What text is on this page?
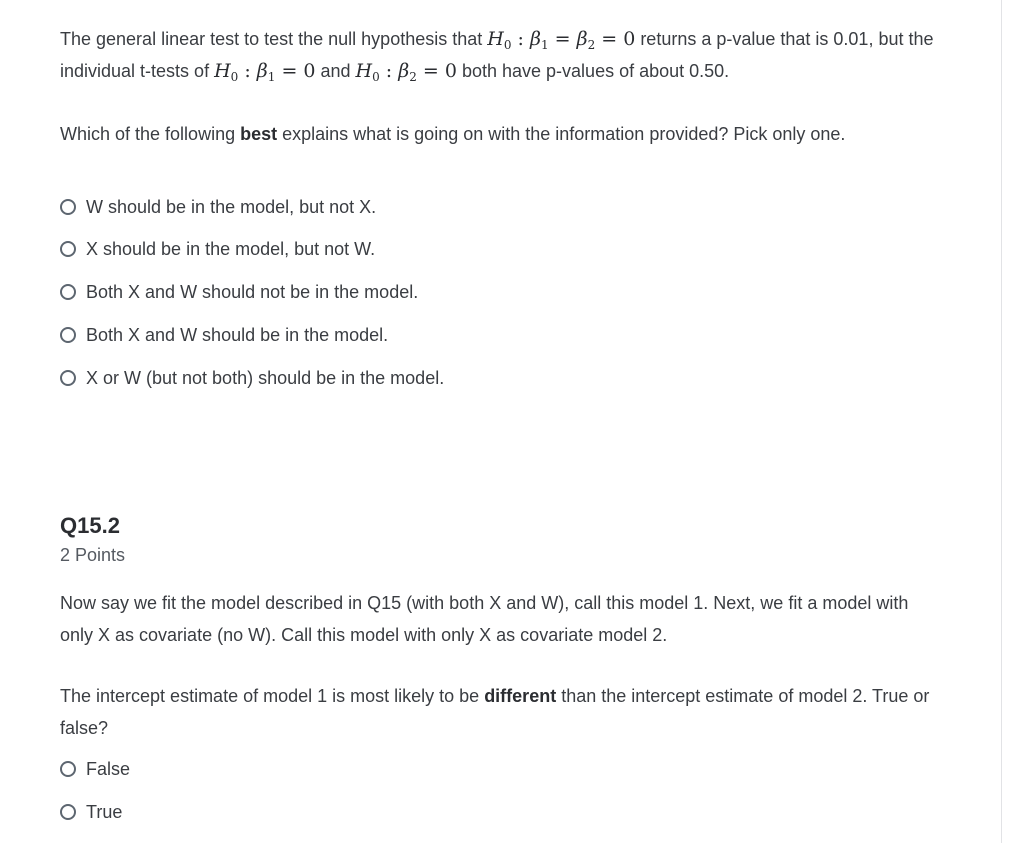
The general linear test to test the null hypothesis that $H_0$ : $\beta_1 = \beta_2 = 0$ returns a p-value that is 0.01, but the individual t-tests of $H_0$ : $\beta_1 = 0$ and $H_0$ : $\beta_2 = 0$ both have p-values of about 0.50.

Which of the following best explains what is going on with the information provided? Pick only one.

W should be in the model, but not X.
X should be in the model, but not W.
Both X and W should not be in the model.
Both X and W should be in the model.
X or W (but not both) should be in the model.
Q15.2
2 Points

Now say we fit the model described in Q15 (with both X and W), call this model 1. Next, we fit a model with only X as covariate (no W). Call this model with only X as covariate model 2.

The intercept estimate of model 1 is most likely to be different than the intercept estimate of model 2. True or false?

False
True
